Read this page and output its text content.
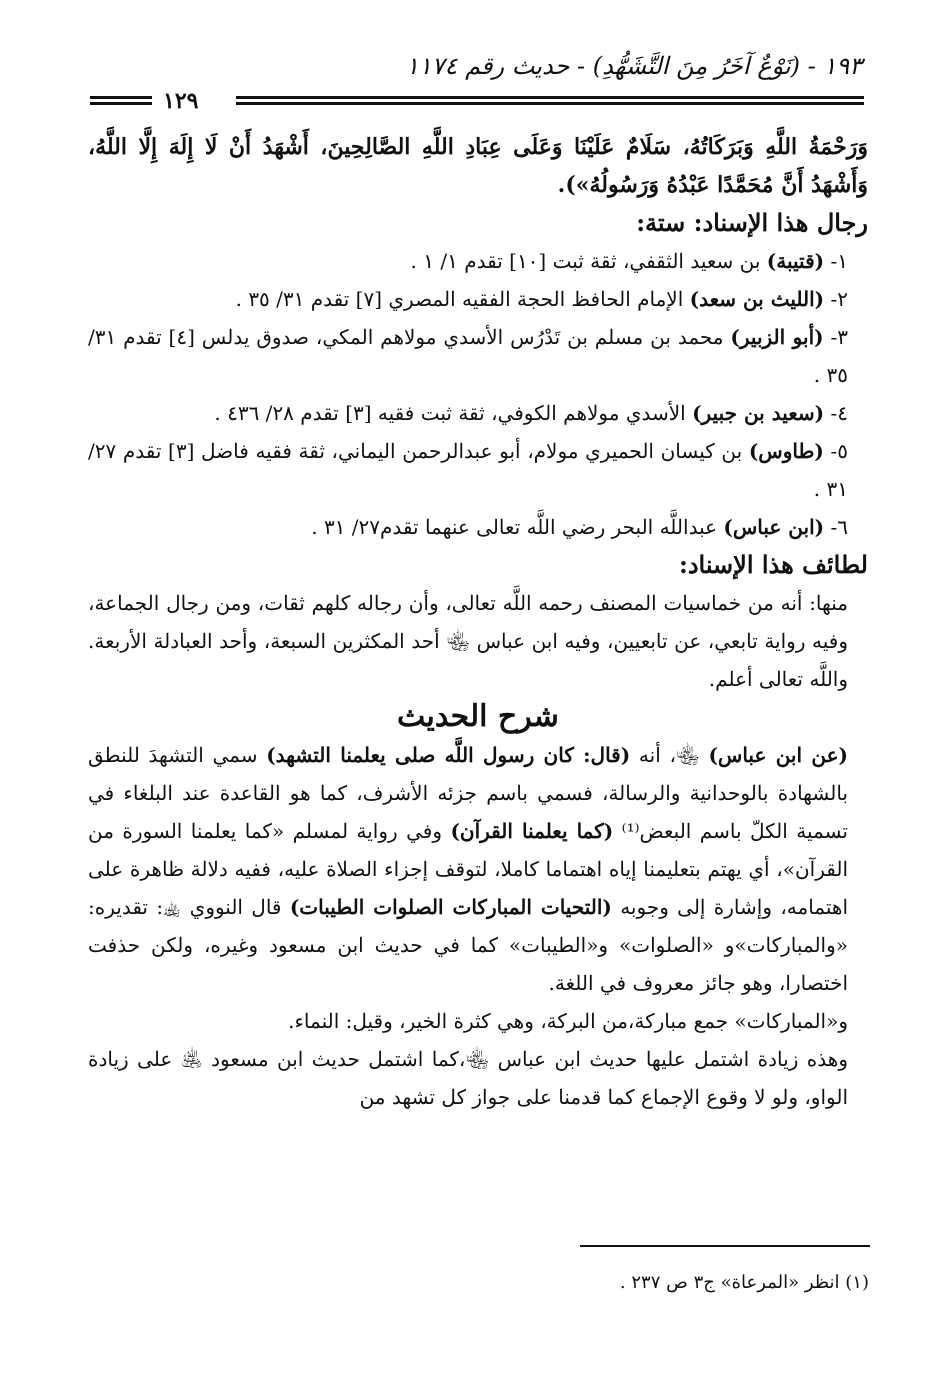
١٩٣ - (نَوْعٌ آخَرُ مِنَ التَّشَهُّدِ) - حديث رقم ١١٧٤
١٢٩

وَرَحْمَةُ اللَّهِ وَبَرَكَاتُهُ، سَلَامٌ عَلَيْنَا وَعَلَى عِبَادِ اللَّهِ الصَّالِحِينَ، أَشْهَدُ أَنْ لَا إِلَهَ إِلَّا اللَّهُ، وَأَشْهَدُ أَنَّ مُحَمَّدًا عَبْدُهُ وَرَسُولُهُ»).

رجال هذا الإسناد: ستة:

١- (قتيبة) بن سعيد الثقفي، ثقة ثبت [١٠] تقدم ١/ ١ .

٢- (الليث بن سعد) الإمام الحافظ الحجة الفقيه المصري [٧] تقدم ٣١/ ٣٥ .

٣- (أبو الزبير) محمد بن مسلم بن تَدْرُس الأسدي مولاهم المكي، صدوق يدلس [٤] تقدم ٣١/ ٣٥ .

٤- (سعيد بن جبير) الأسدي مولاهم الكوفي، ثقة ثبت فقيه [٣] تقدم ٢٨/ ٤٣٦ .

٥- (طاوس) بن كيسان الحميري مولام، أبو عبدالرحمن اليماني، ثقة فقيه فاضل [٣] تقدم ٢٧/ ٣١ .

٦- (ابن عباس) عبداللَّه البحر رضي اللَّه تعالى عنهما تقدم٢٧/ ٣١ .

لطائف هذا الإسناد:

منها: أنه من خماسيات المصنف رحمه اللَّه تعالى، وأن رجاله كلهم ثقات، ومن رجال الجماعة، وفيه رواية تابعي، عن تابعيين، وفيه ابن عباس ﵄ أحد المكثرين السبعة، وأحد العبادلة الأربعة. واللَّه تعالى أعلم.

شرح الحديث

(عن ابن عباس) ﵄، أنه (قال: كان رسول اللَّه صلى يعلمنا التشهد) سمي التشهدَ للنطق بالشهادة بالوحدانية والرسالة، فسمي باسم جزئه الأشرف، كما هو القاعدة عند البلغاء في تسمية الكلّ باسم البعض⁽¹⁾ (كما يعلمنا القرآن) وفي رواية لمسلم «كما يعلمنا السورة من القرآن»، أي يهتم بتعليمنا إياه اهتماما كاملا، لتوقف إجزاء الصلاة عليه، ففيه دلالة ظاهرة على اهتمامه، وإشارة إلى وجوبه (التحيات المباركات الصلوات الطيبات) قال النووي ﵀: تقديره: «والمباركات»و «الصلوات» و«الطيبات» كما في حديث ابن مسعود وغيره، ولكن حذفت اختصارا، وهو جائز معروف في اللغة.

و«المباركات» جمع مباركة،من البركة، وهي كثرة الخير، وقيل: النماء.

وهذه زيادة اشتمل عليها حديث ابن عباس ﵄،كما اشتمل حديث ابن مسعود ﵁ على زيادة الواو، ولو لا وقوع الإجماع كما قدمنا على جواز كل تشهد من

(١) انظر «المرعاة» ج٣ ص ٢٣٧ .
